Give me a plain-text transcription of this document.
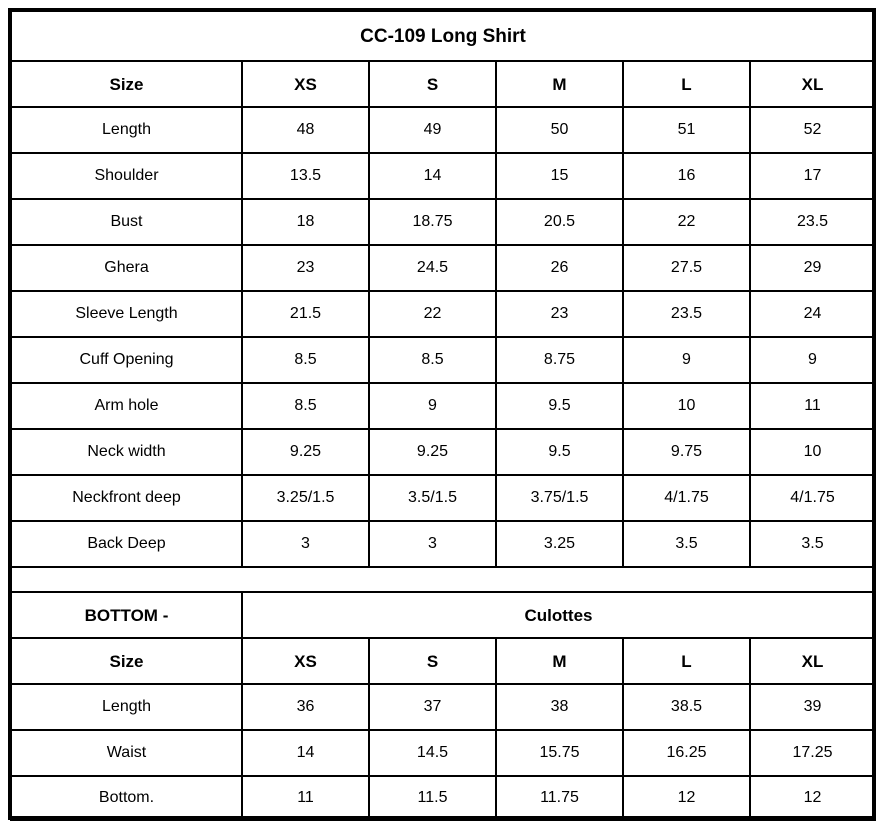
CC-109 Long Shirt					
Size	XS	S	M	L	XL
Length	48	49	50	51	52
Shoulder	13.5	14	15	16	17
Bust	18	18.75	20.5	22	23.5
Ghera	23	24.5	26	27.5	29
Sleeve Length	21.5	22	23	23.5	24
Cuff Opening	8.5	8.5	8.75	9	9
Arm hole	8.5	9	9.5	10	11
Neck width	9.25	9.25	9.5	9.75	10
Neckfront deep	3.25/1.5	3.5/1.5	3.75/1.5	4/1.75	4/1.75
Back Deep	3	3	3.25	3.5	3.5

BOTTOM -	Culottes				
Size	XS	S	M	L	XL
Length	36	37	38	38.5	39
Waist	14	14.5	15.75	16.25	17.25
Bottom.	11	11.5	11.75	12	12
